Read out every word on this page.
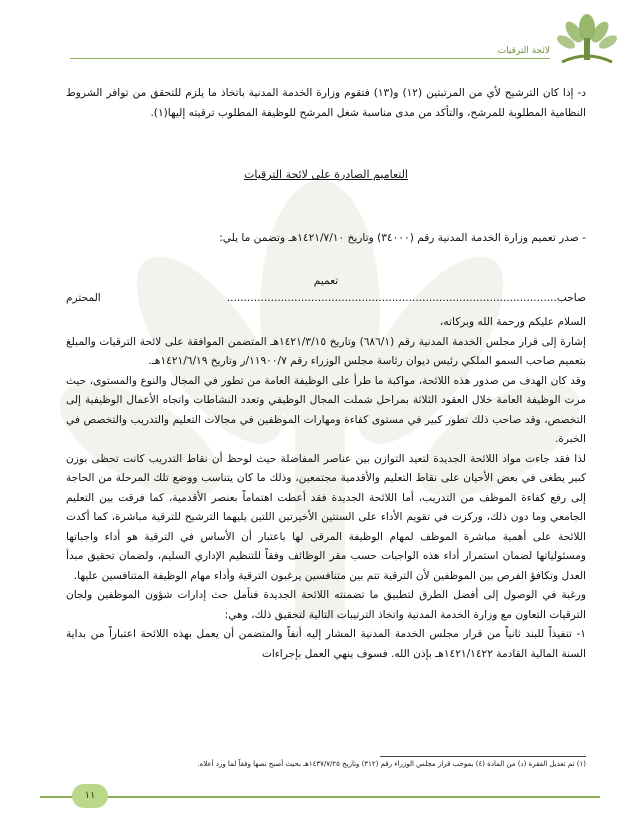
لائحة الترقيات

د- إذا كان الترشيح لأي من المرتبتين (١٢) و(١٣) فتقوم وزارة الخدمة المدنية باتخاذ ما يلزم للتحقق من توافر الشروط النظامية المطلوبة للمرشح، والتأكد من مدى مناسبة شغل المرشح للوظيفة المطلوب ترقيته إليها(١).

التعاميم الصادرة على لائحة الترقيات
- صدر تعميم وزارة الخدمة المدنية رقم (٣٤٠٠٠) وتاريخ ١٤٢١/٧/١٠هـ وتضمن ما يلي:
تعميم
صاحب..................................................................................................
المحترم

السلام عليكم ورحمة الله وبركاته،

إشارة إلى قرار مجلس الخدمة المدنية رقم (٦٨٦/١) وتاريخ ١٤٢١/٣/١٥هـ المتضمن الموافقة على لائحة الترقيات والمبلغ بتعميم صاحب السمو الملكي رئيس ديوان رئاسة مجلس الوزراء رقم ١١٩٠٠/٧/ر وتاريخ ١٤٢١/٦/١٩هـ.

وقد كان الهدف من صدور هذه اللائحة، مواكبة ما طرأ على الوظيفة العامة من تطور في المجال والنوع والمستوى، حيث مرت الوظيفة العامة خلال العقود الثلاثة بمراحل شملت المجال الوظيفي وتعدد النشاطات واتجاه الأعمال الوظيفية إلى التخصص، وقد صاحب ذلك تطور كبير في مستوى كفاءة ومهارات الموظفين في مجالات التعليم والتدريب والتخصص في الخبرة.

لذا فقد جاءت مواد اللائحة الجديدة لتعيد التوازن بين عناصر المفاضلة حيث لوحظ أن نقاط التدريب كانت تحظى بوزن كبير يطغى في بعض الأحيان على نقاط التعليم والأقدمية مجتمعين، وذلك ما كان يتناسب ووضع تلك المرحلة من الحاجة إلى رفع كفاءة الموظف من التدريب، أما اللائحة الجديدة فقد أعطت اهتماماً بعنصر الأقدمية، كما فرقت بين التعليم الجامعي وما دون ذلك، وركزت في تقويم الأداء على السنتين الأخيرتين اللتين يليهما الترشيح للترقية مباشرة، كما أكدت اللائحة على أهمية مباشرة الموظف لمهام الوظيفة المرقى لها باعتبار أن الأساس في الترقية هو أداء واجباتها ومسئولياتها لضمان استمرار أداء هذه الواجبات حسب مقر الوظائف وفقاً للتنظيم الإداري السليم، ولضمان تحقيق مبدأ العدل وتكافؤ الفرص بين الموظفين لأن الترقية تتم بين متنافسين يرغبون الترقية وأداء مهام الوظيفة المتنافسين عليها.

ورغبة في الوصول إلى أفضل الطرق لتطبيق ما تضمنته اللائحة الجديدة فنأمل حث إدارات شؤون الموظفين ولجان الترقيات التعاون مع وزارة الخدمة المدنية واتخاذ الترتيبات التالية لتحقيق ذلك، وهي:

١- تنفيذاً للبند ثانياً من قرار مجلس الخدمة المدنية المشار إليه أنفاً والمتضمن أن يعمل بهذه اللائحة اعتباراً من بداية السنة المالية القادمة ١٤٢١/١٤٢٢هـ بإذن الله. فسوف ينهي العمل بإجراءات

(١) تم تعديل الفقرة (د) من المادة (٤) بموجب قرار مجلس الوزراء رقم (٣١٢) وتاريخ ١٤٣٧/٧/٢٥هـ بحيث أصبح نصها وفقاً لما ورد أعلاه.
١١
